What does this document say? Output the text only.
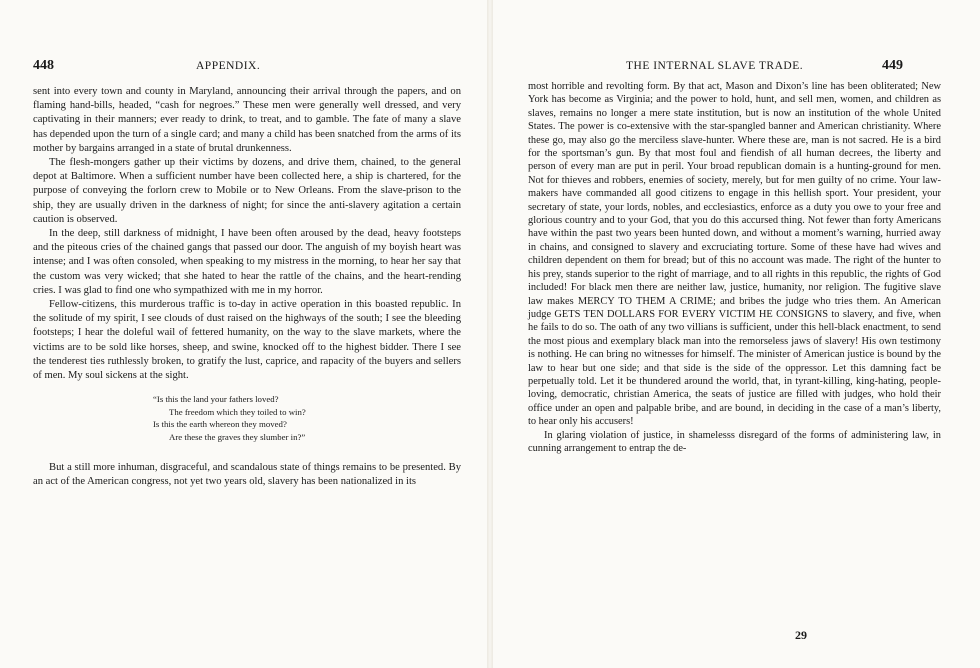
448	APPENDIX.

sent into every town and county in Maryland, announcing their arrival through the papers, and on flaming hand-bills, headed, “cash for negroes.” These men were generally well dressed, and very captivating in their manners; ever ready to drink, to treat, and to gamble. The fate of many a slave has depended upon the turn of a single card; and many a child has been snatched from the arms of its mother by bargains arranged in a state of brutal drunkenness.

The flesh-mongers gather up their victims by dozens, and drive them, chained, to the general depot at Baltimore. When a sufficient number have been collected here, a ship is chartered, for the purpose of conveying the forlorn crew to Mobile or to New Orleans. From the slave-prison to the ship, they are usually driven in the darkness of night; for since the anti-slavery agitation a certain caution is observed.

In the deep, still darkness of midnight, I have been often aroused by the dead, heavy footsteps and the piteous cries of the chained gangs that passed our door. The anguish of my boyish heart was intense; and I was often consoled, when speaking to my mistress in the morning, to hear her say that the custom was very wicked; that she hated to hear the rattle of the chains, and the heart-rending cries. I was glad to find one who sympathized with me in my horror.

Fellow-citizens, this murderous traffic is to-day in active operation in this boasted republic. In the solitude of my spirit, I see clouds of dust raised on the highways of the south; I see the bleeding footsteps; I hear the doleful wail of fettered humanity, on the way to the slave markets, where the victims are to be sold like horses, sheep, and swine, knocked off to the highest bidder. There I see the tenderest ties ruthlessly broken, to gratify the lust, caprice, and rapacity of the buyers and sellers of men. My soul sickens at the sight.

“Is this the land your fathers loved?
The freedom which they toiled to win?
Is this the earth whereon they moved?
Are these the graves they slumber in?”

But a still more inhuman, disgraceful, and scandalous state of things remains to be presented. By an act of the American congress, not yet two years old, slavery has been nationalized in its

THE INTERNAL SLAVE TRADE.	449

most horrible and revolting form. By that act, Mason and Dixon’s line has been obliterated; New York has become as Virginia; and the power to hold, hunt, and sell men, women, and children as slaves, remains no longer a mere state institution, but is now an institution of the whole United States. The power is co-extensive with the star-spangled banner and American christianity. Where these go, may also go the merciless slave-hunter. Where these are, man is not sacred. He is a bird for the sportsman’s gun. By that most foul and fiendish of all human decrees, the liberty and person of every man are put in peril. Your broad republican domain is a hunting-ground for men. Not for thieves and robbers, enemies of society, merely, but for men guilty of no crime. Your law-makers have commanded all good citizens to engage in this hellish sport. Your president, your secretary of state, your lords, nobles, and ecclesiastics, enforce as a duty you owe to your free and glorious country and to your God, that you do this accursed thing. Not fewer than forty Americans have within the past two years been hunted down, and without a moment’s warning, hurried away in chains, and consigned to slavery and excruciating torture. Some of these have had wives and children dependent on them for bread; but of this no account was made. The right of the hunter to his prey, stands superior to the right of marriage, and to all rights in this republic, the rights of God included! For black men there are neither law, justice, humanity, nor religion. The fugitive slave law makes MERCY TO THEM A CRIME; and bribes the judge who tries them. An American judge GETS TEN DOLLARS FOR EVERY VICTIM HE CONSIGNS to slavery, and five, when he fails to do so. The oath of any two villians is sufficient, under this hell-black enactment, to send the most pious and exemplary black man into the remorseless jaws of slavery! His own testimony is nothing. He can bring no witnesses for himself. The minister of American justice is bound by the law to hear but one side; and that side is the side of the oppressor. Let this damning fact be perpetually told. Let it be thundered around the world, that, in tyrant-killing, king-hating, people-loving, democratic, christian America, the seats of justice are filled with judges, who hold their office under an open and palpable bribe, and are bound, in deciding in the case of a man’s liberty, to hear only his accusers!

In glaring violation of justice, in shamelesss disregard of the forms of administering law, in cunning arrangement to entrap the de-

29
